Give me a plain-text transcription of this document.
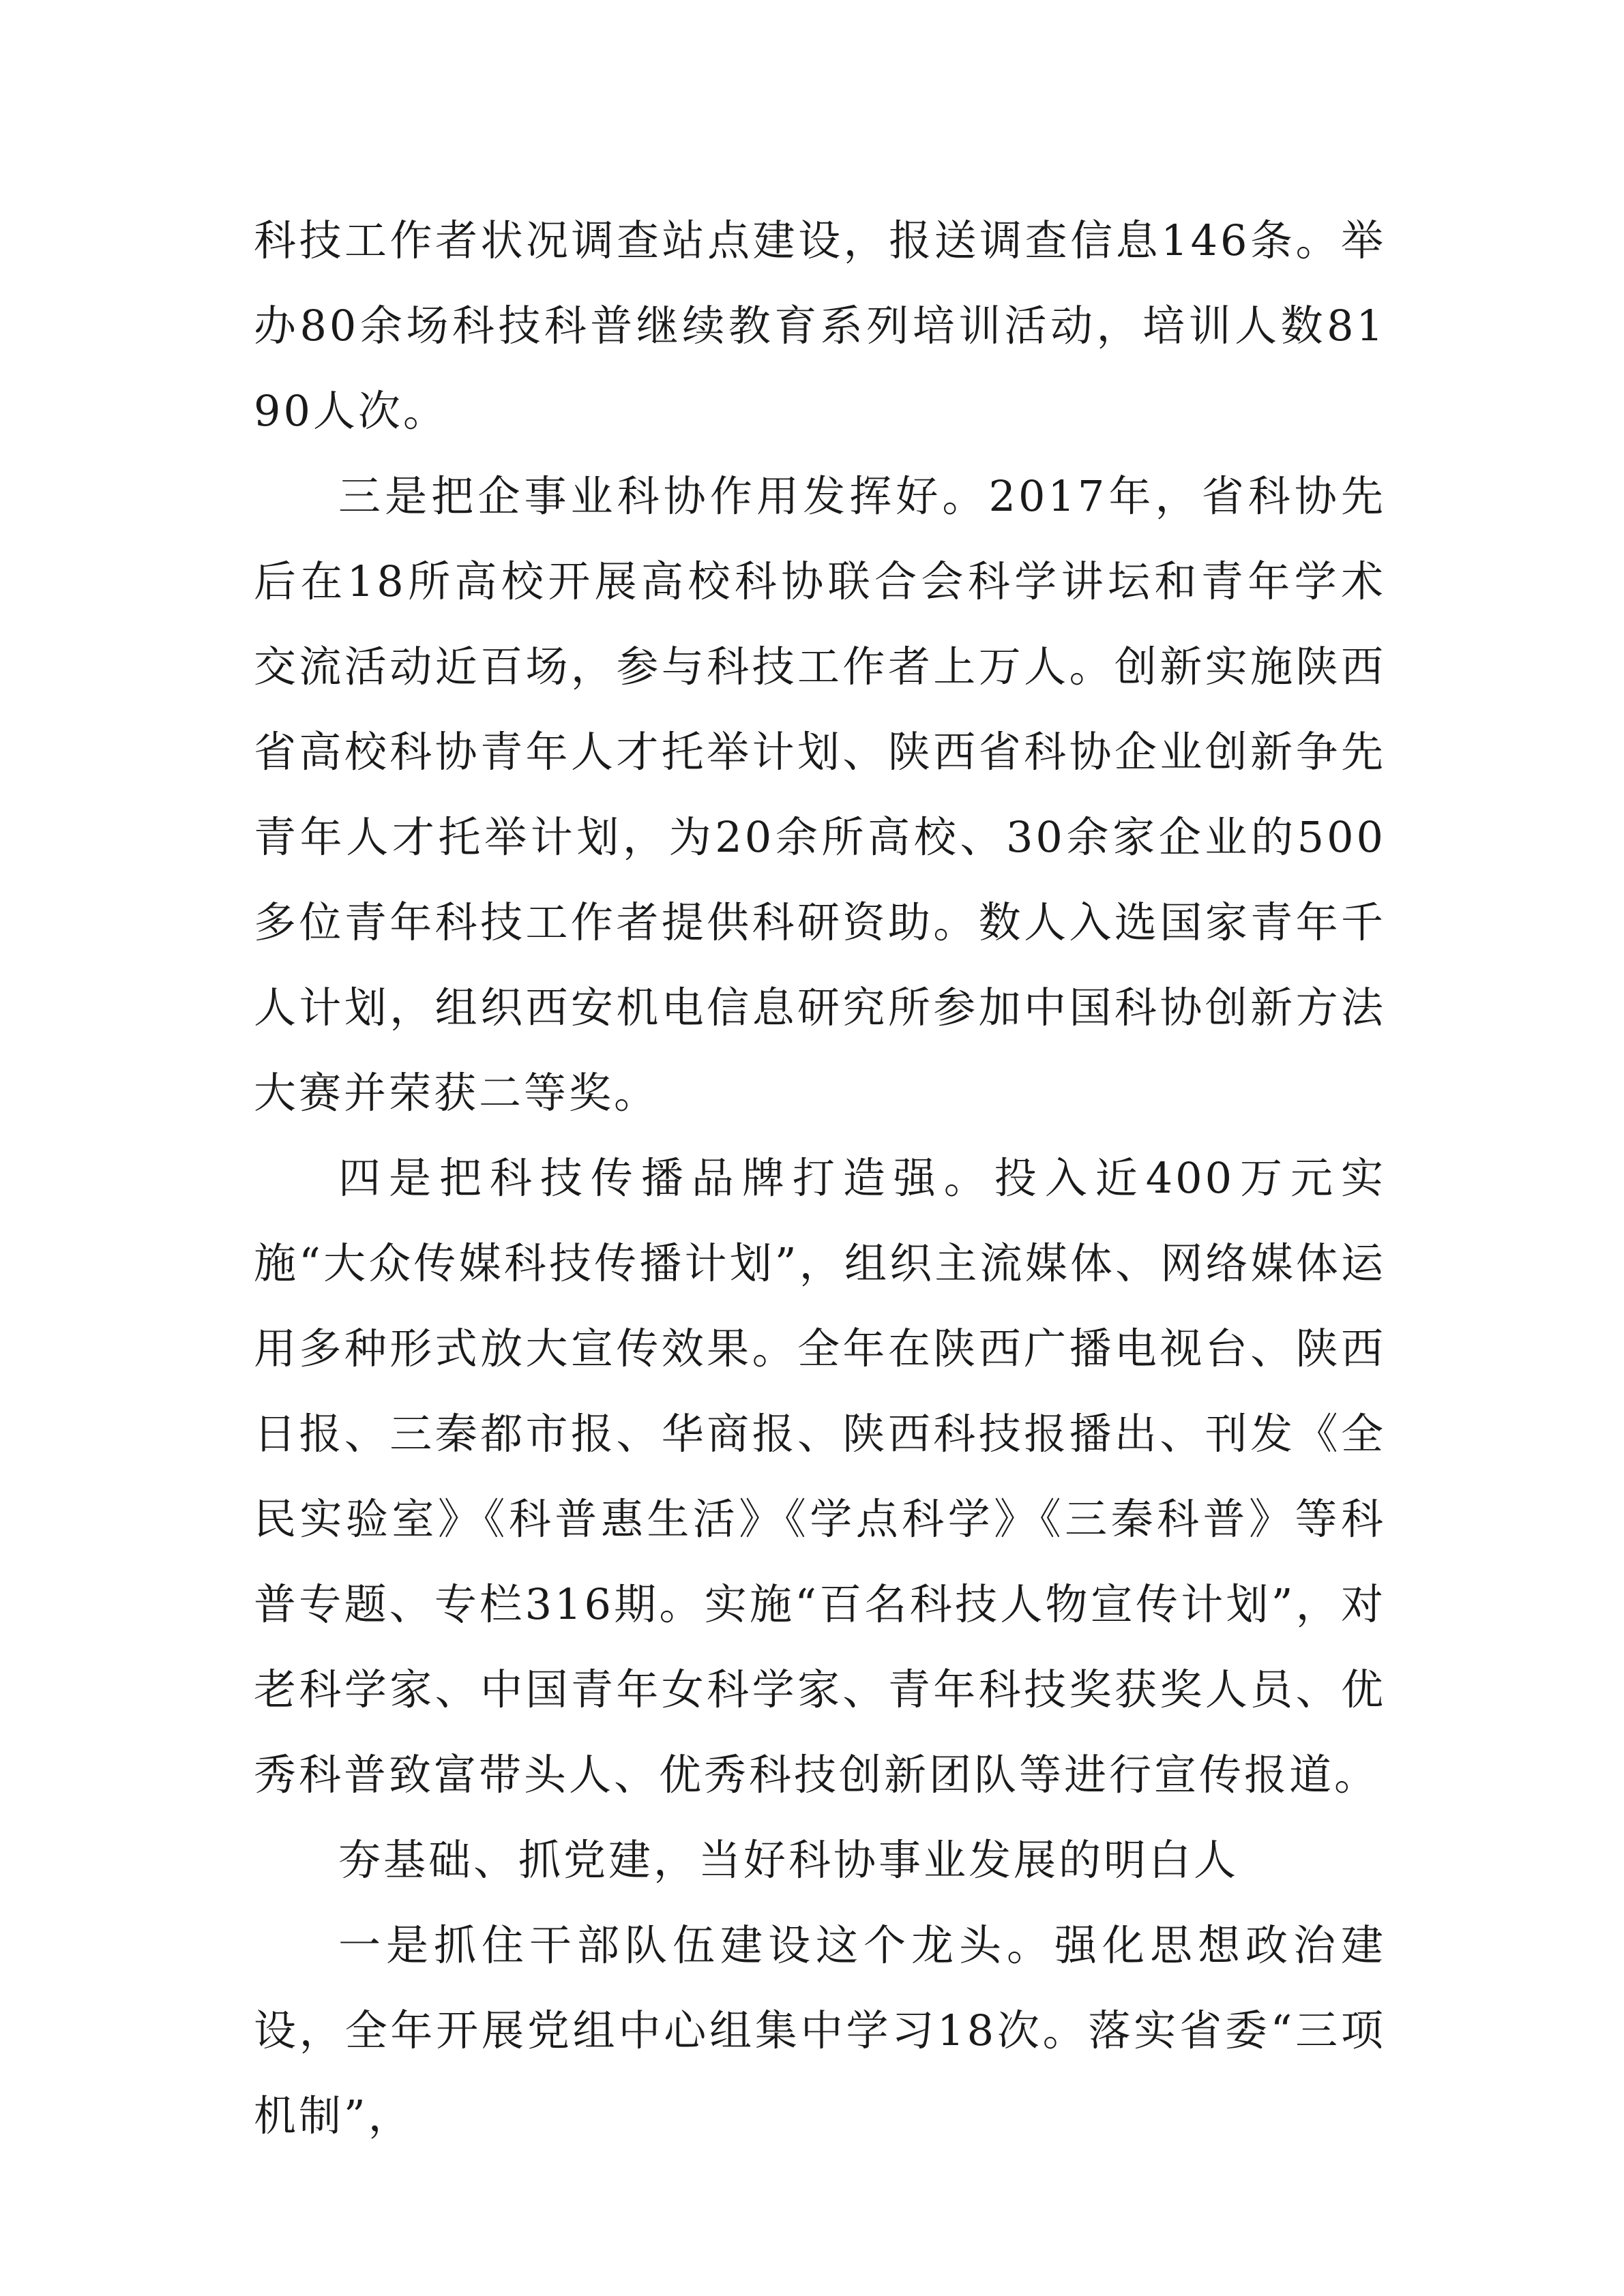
科技工作者状况调查站点建设，报送调查信息146条。举办80余场科技科普继续教育系列培训活动，培训人数8190人次。

三是把企事业科协作用发挥好。2017年，省科协先后在18所高校开展高校科协联合会科学讲坛和青年学术交流活动近百场，参与科技工作者上万人。创新实施陕西省高校科协青年人才托举计划、陕西省科协企业创新争先青年人才托举计划，为20余所高校、30余家企业的500多位青年科技工作者提供科研资助。数人入选国家青年千人计划，组织西安机电信息研究所参加中国科协创新方法大赛并荣获二等奖。

四是把科技传播品牌打造强。投入近400万元实施“大众传媒科技传播计划”，组织主流媒体、网络媒体运用多种形式放大宣传效果。全年在陕西广播电视台、陕西日报、三秦都市报、华商报、陕西科技报播出、刊发《全民实验室》《科普惠生活》《学点科学》《三秦科普》等科普专题、专栏316期。实施“百名科技人物宣传计划”，对老科学家、中国青年女科学家、青年科技奖获奖人员、优秀科普致富带头人、优秀科技创新团队等进行宣传报道。

夯基础、抓党建，当好科协事业发展的明白人

一是抓住干部队伍建设这个龙头。强化思想政治建设，全年开展党组中心组集中学习18次。落实省委“三项机制”，
